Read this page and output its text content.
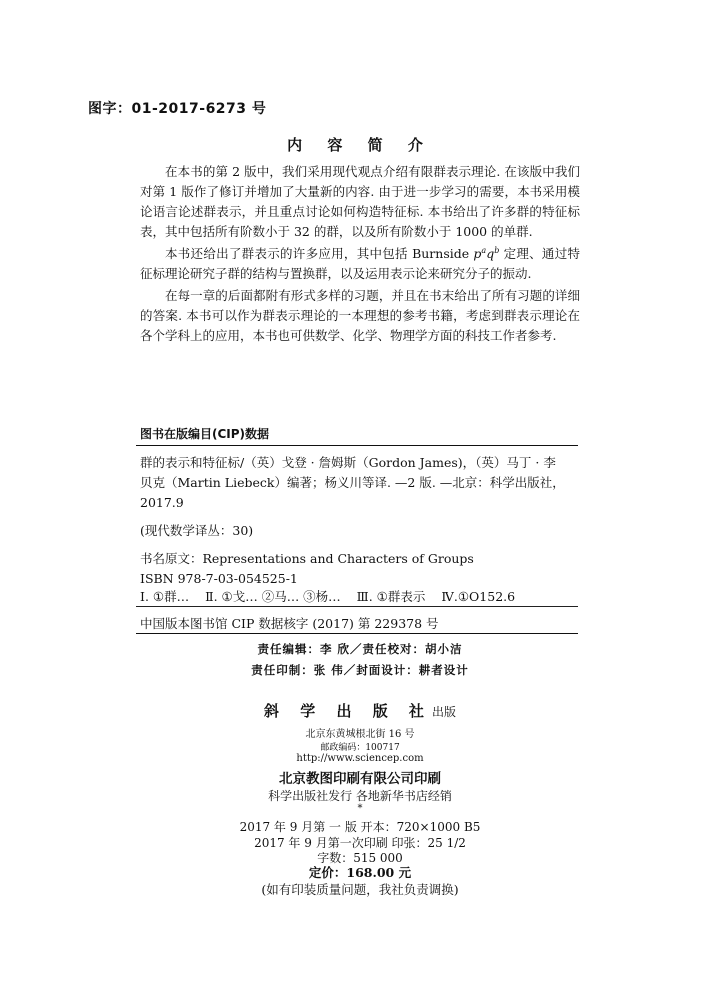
图字：01-2017-6273 号
内 容 简 介

在本书的第 2 版中，我们采用现代观点介绍有限群表示理论. 在该版中我们对第 1 版作了修订并增加了大量新的内容. 由于进一步学习的需要，本书采用模论语言论述群表示，并且重点讨论如何构造特征标. 本书给出了许多群的特征标表，其中包括所有阶数小于 32 的群，以及所有阶数小于 1000 的单群.

本书还给出了群表示的许多应用，其中包括 Burnside $p^aq^b$ 定理、通过特征标理论研究子群的结构与置换群，以及运用表示论来研究分子的振动.

在每一章的后面都附有形式多样的习题，并且在书末给出了所有习题的详细的答案. 本书可以作为群表示理论的一本理想的参考书籍，考虑到群表示理论在各个学科上的应用，本书也可供数学、化学、物理学方面的科技工作者参考.

图书在版编目(CIP)数据
群的表示和特征标/（英）戈登 · 詹姆斯（Gordon James)，（英）马丁 · 李
贝克（Martin Liebeck）编著；杨义川等译. —2 版. —北京：科学出版社，
2017.9
(现代数学译丛：30)
书名原文：Representations and Characters of Groups
ISBN 978-7-03-054525-1
Ⅰ. ①群… Ⅱ. ①戈… ②马… ③杨… Ⅲ. ①群表示 Ⅳ.①O152.6
中国版本图书馆 CIP 数据核字 (2017) 第 229378 号
责任编辑：李 欣／责任校对：胡小洁
责任印制：张 伟／封面设计：耕者设计
斜 学 出 版 社出版
北京东黄城根北街 16 号
邮政编码：100717
http://www.sciencep.com
北京教图印刷有限公司印刷
科学出版社发行 各地新华书店经销
*
2017 年 9 月第 一 版 开本：720×1000 B5
2017 年 9 月第一次印刷 印张：25 1/2
字数：515 000
定价：168.00 元
(如有印装质量问题，我社负责调换)
